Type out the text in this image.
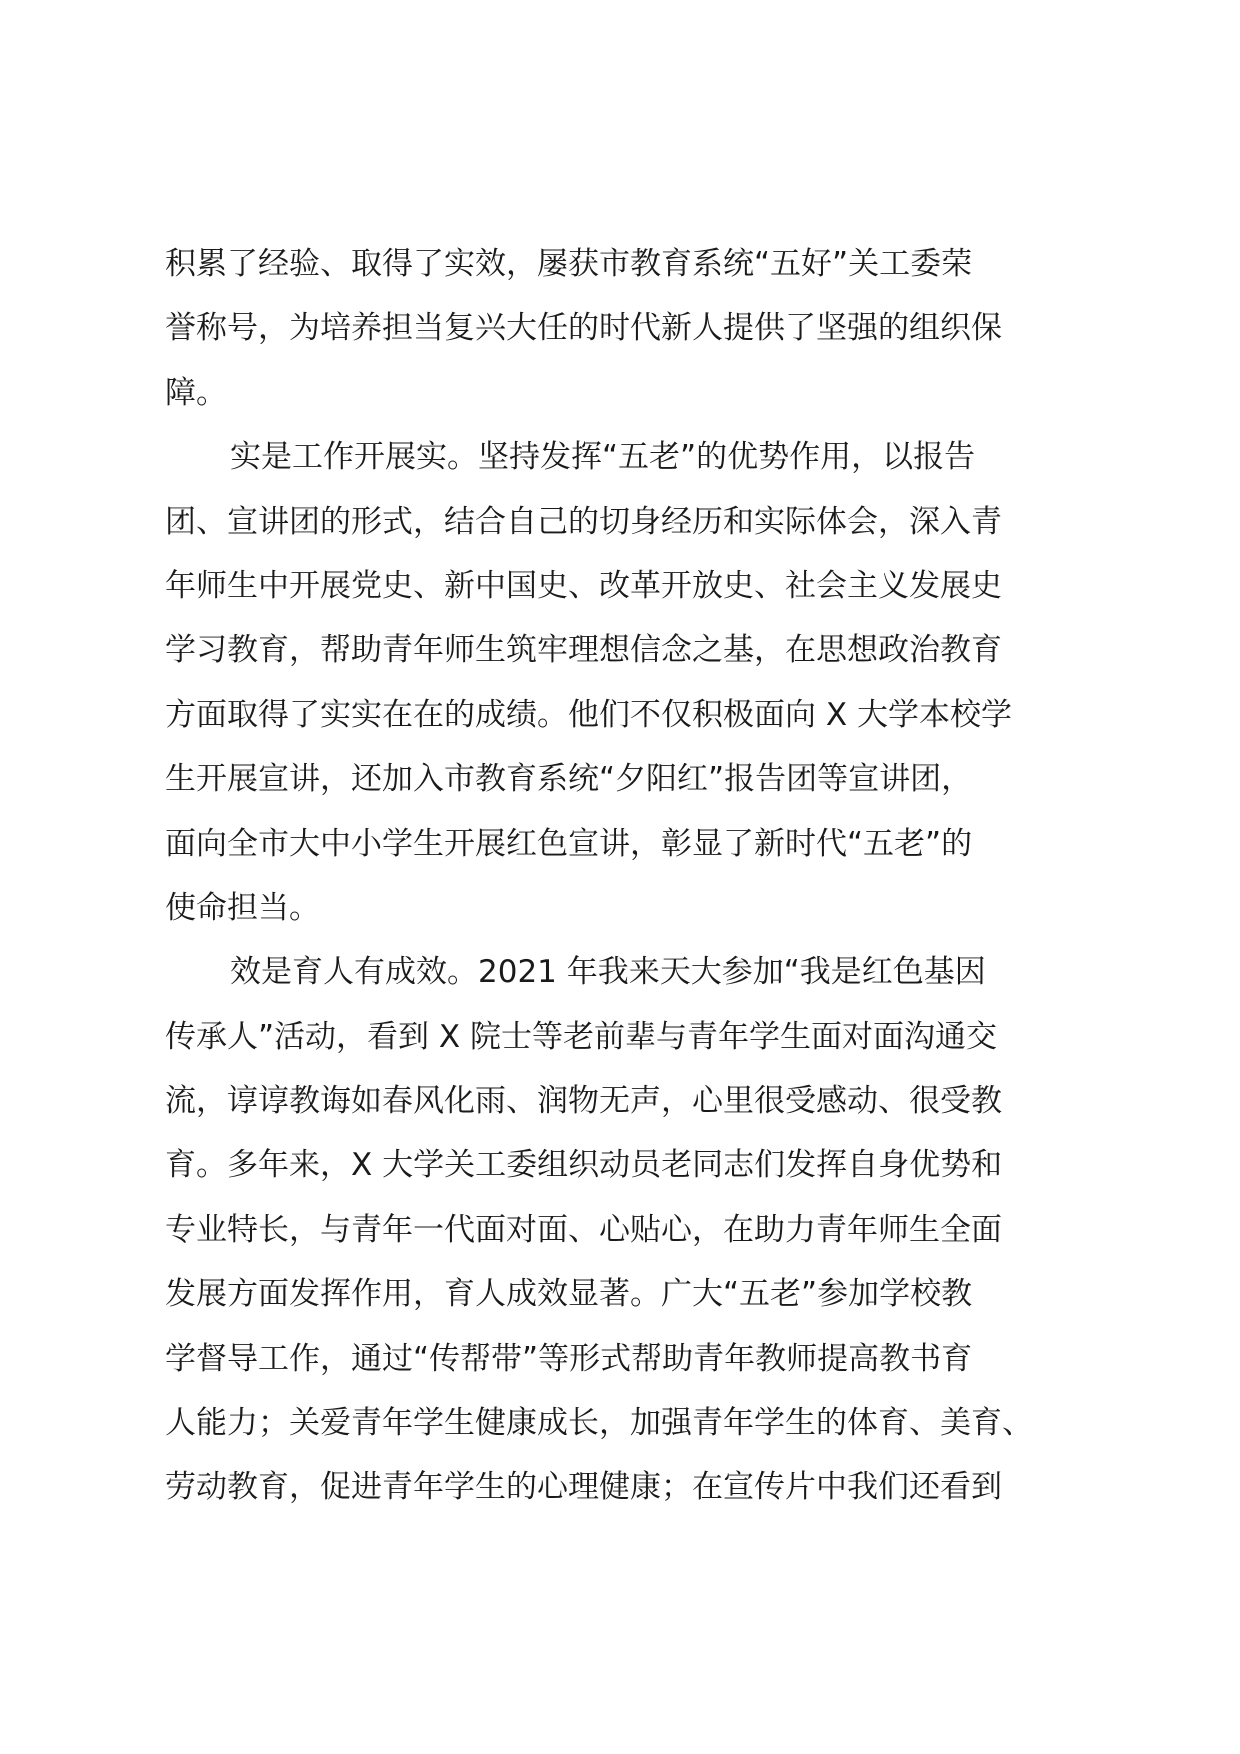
积累了经验、取得了实效，屡获市教育系统“五好”关工委荣
誉称号，为培养担当复兴大任的时代新人提供了坚强的组织保
障。
实是工作开展实。坚持发挥“五老”的优势作用，以报告
团、宣讲团的形式，结合自己的切身经历和实际体会，深入青
年师生中开展党史、新中国史、改革开放史、社会主义发展史
学习教育，帮助青年师生筑牢理想信念之基，在思想政治教育
方面取得了实实在在的成绩。他们不仅积极面向 X 大学本校学
生开展宣讲，还加入市教育系统“夕阳红”报告团等宣讲团，
面向全市大中小学生开展红色宣讲，彰显了新时代“五老”的
使命担当。
效是育人有成效。2021 年我来天大参加“我是红色基因
传承人”活动，看到 X 院士等老前辈与青年学生面对面沟通交
流，谆谆教诲如春风化雨、润物无声，心里很受感动、很受教
育。多年来，X 大学关工委组织动员老同志们发挥自身优势和
专业特长，与青年一代面对面、心贴心，在助力青年师生全面
发展方面发挥作用，育人成效显著。广大“五老”参加学校教
学督导工作，通过“传帮带”等形式帮助青年教师提高教书育
人能力；关爱青年学生健康成长，加强青年学生的体育、美育、
劳动教育，促进青年学生的心理健康；在宣传片中我们还看到
